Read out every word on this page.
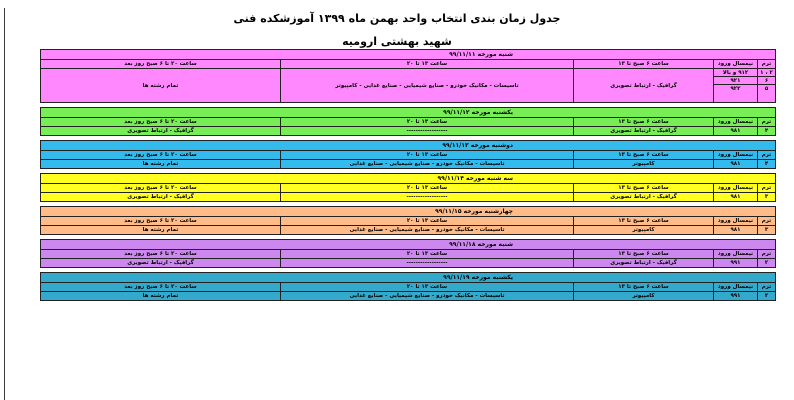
جدول زمان بندی انتخاب واحد بهمن ماه ۱۳۹۹ آموزشکده فنی
شهید بهشتی ارومیه
شنبه مورخه ۹۹/۱۱/۱۱
ترم
نیمسال ورود
ساعت ۶ صبح تا ۱۳
ساعت ۱۳ تا ۲۰
ساعت ۲۰ تا ۶ صبح روز بعد
۲ ، ۱
۶
۵
۹۱۲ و بالا
۹۲۱
۹۲۲
گرافیک - ارتباط تصویری
تاسیسات - مکانیک خودرو - صنایع شیمیایی - صنایع غذایی - کامپیوتر
تمام رشته ها
یکشنبه مورخه ۹۹/۱۱/۱۲
ترم
نیمسال ورود
ساعت ۶ صبح تا ۱۳
ساعت ۱۳ تا ۲۰
ساعت ۲۰ تا ۶ صبح روز بعد
۴
۹۸۱
گرافیک - ارتباط تصویری
------------------
گرافیک - ارتباط تصویری
دوشنبه مورخه ۹۹/۱۱/۱۳
ترم
نیمسال ورود
ساعت ۶ صبح تا ۱۳
ساعت ۱۳ تا ۲۰
ساعت ۲۰ تا ۶ صبح روز بعد
۴
۹۸۱
کامپیوتر
تاسیسات - مکانیک خودرو - صنایع شیمیایی - صنایع غذایی
تمام رشته ها
سه شنبه مورخه ۹۹/۱۱/۱۴
ترم
نیمسال ورود
ساعت ۶ صبح تا ۱۳
ساعت ۱۳ تا ۲۰
ساعت ۲۰ تا ۶ صبح روز بعد
۳
۹۸۱
گرافیک - ارتباط تصویری
------------------
گرافیک - ارتباط تصویری
چهارشنبه مورخه ۹۹/۱۱/۱۵
ترم
نیمسال ورود
ساعت ۶ صبح تا ۱۳
ساعت ۱۳ تا ۲۰
ساعت ۲۰ تا ۶ صبح روز بعد
۳
۹۸۱
کامپیوتر
تاسیسات - مکانیک خودرو - صنایع شیمیایی - صنایع غذایی
تمام رشته ها
شنبه مورخه ۹۹/۱۱/۱۸
ترم
نیمسال ورود
ساعت ۶ صبح تا ۱۳
ساعت ۱۳ تا ۲۰
ساعت ۲۰ تا ۶ صبح روز بعد
۲
۹۹۱
گرافیک - ارتباط تصویری
------------------
گرافیک - ارتباط تصویری
یکشنبه مورخه ۹۹/۱۱/۱۹
ترم
نیمسال ورود
ساعت ۶ صبح تا ۱۳
ساعت ۱۳ تا ۲۰
ساعت ۲۰ تا ۶ صبح روز بعد
۲
۹۹۱
کامپیوتر
تاسیسات - مکانیک خودرو - صنایع شیمیایی - صنایع غذایی
تمام رشته ها
